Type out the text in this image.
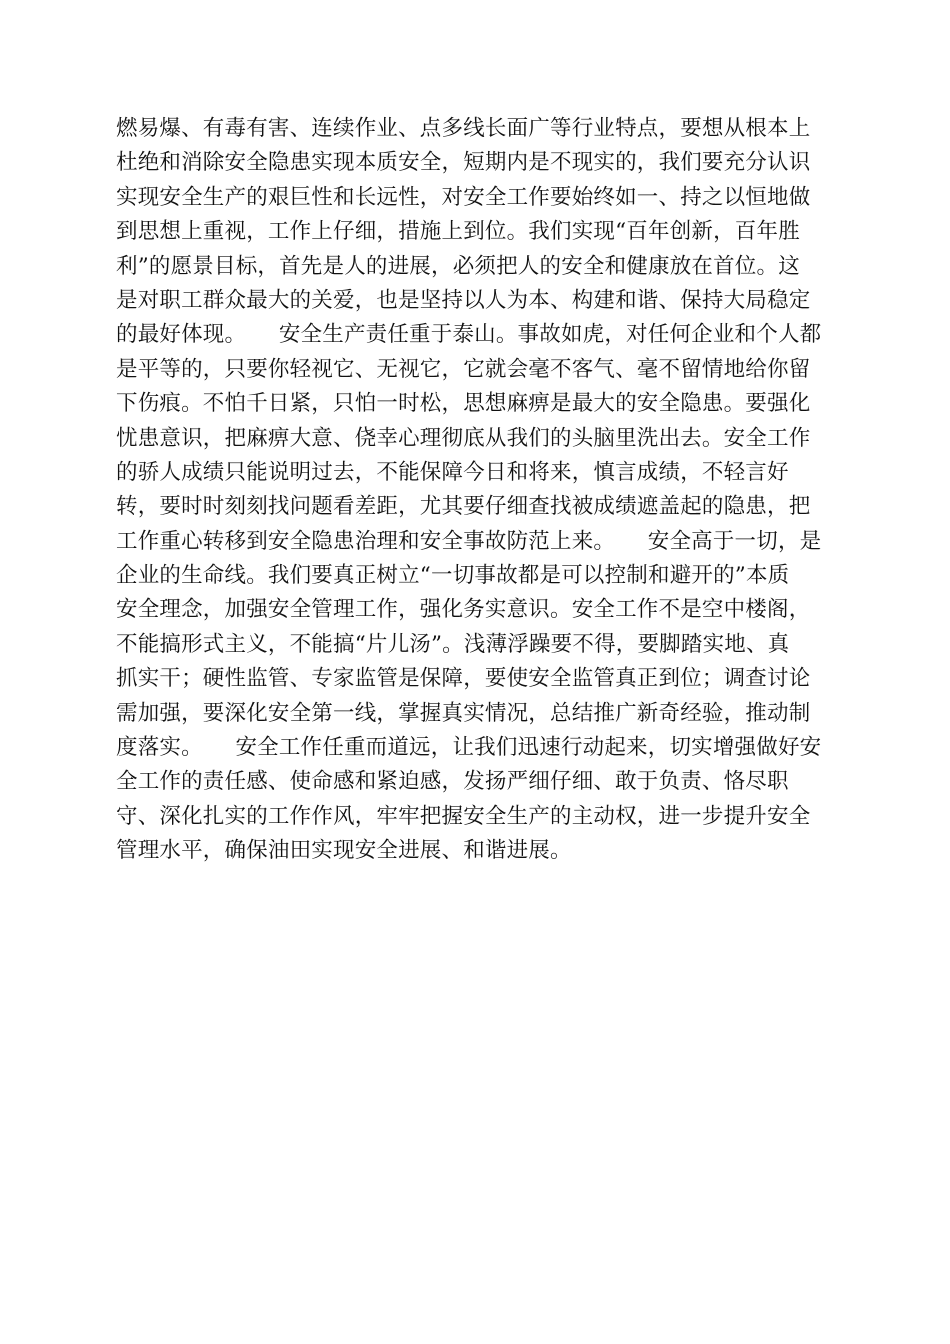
燃易爆、有毒有害、连续作业、点多线长面广等行业特点，要想从根本上
杜绝和消除安全隐患实现本质安全，短期内是不现实的，我们要充分认识
实现安全生产的艰巨性和长远性，对安全工作要始终如一、持之以恒地做
到思想上重视，工作上仔细，措施上到位。我们实现“百年创新，百年胜
利”的愿景目标，首先是人的进展，必须把人的安全和健康放在首位。这
是对职工群众最大的关爱，也是坚持以人为本、构建和谐、保持大局稳定
的最好体现。　　安全生产责任重于泰山。事故如虎，对任何企业和个人都
是平等的，只要你轻视它、无视它，它就会毫不客气、毫不留情地给你留
下伤痕。不怕千日紧，只怕一时松，思想麻痹是最大的安全隐患。要强化
忧患意识，把麻痹大意、侥幸心理彻底从我们的头脑里洗出去。安全工作
的骄人成绩只能说明过去，不能保障今日和将来，慎言成绩，不轻言好
转，要时时刻刻找问题看差距，尤其要仔细查找被成绩遮盖起的隐患，把
工作重心转移到安全隐患治理和安全事故防范上来。　　安全高于一切，是
企业的生命线。我们要真正树立“一切事故都是可以控制和避开的”本质
安全理念，加强安全管理工作，强化务实意识。安全工作不是空中楼阁，
不能搞形式主义，不能搞“片儿汤”。浅薄浮躁要不得，要脚踏实地、真
抓实干；硬性监管、专家监管是保障，要使安全监管真正到位；调查讨论
需加强，要深化安全第一线，掌握真实情况，总结推广新奇经验，推动制
度落实。　　安全工作任重而道远，让我们迅速行动起来，切实增强做好安
全工作的责任感、使命感和紧迫感，发扬严细仔细、敢于负责、恪尽职
守、深化扎实的工作作风，牢牢把握安全生产的主动权，进一步提升安全
管理水平，确保油田实现安全进展、和谐进展。
